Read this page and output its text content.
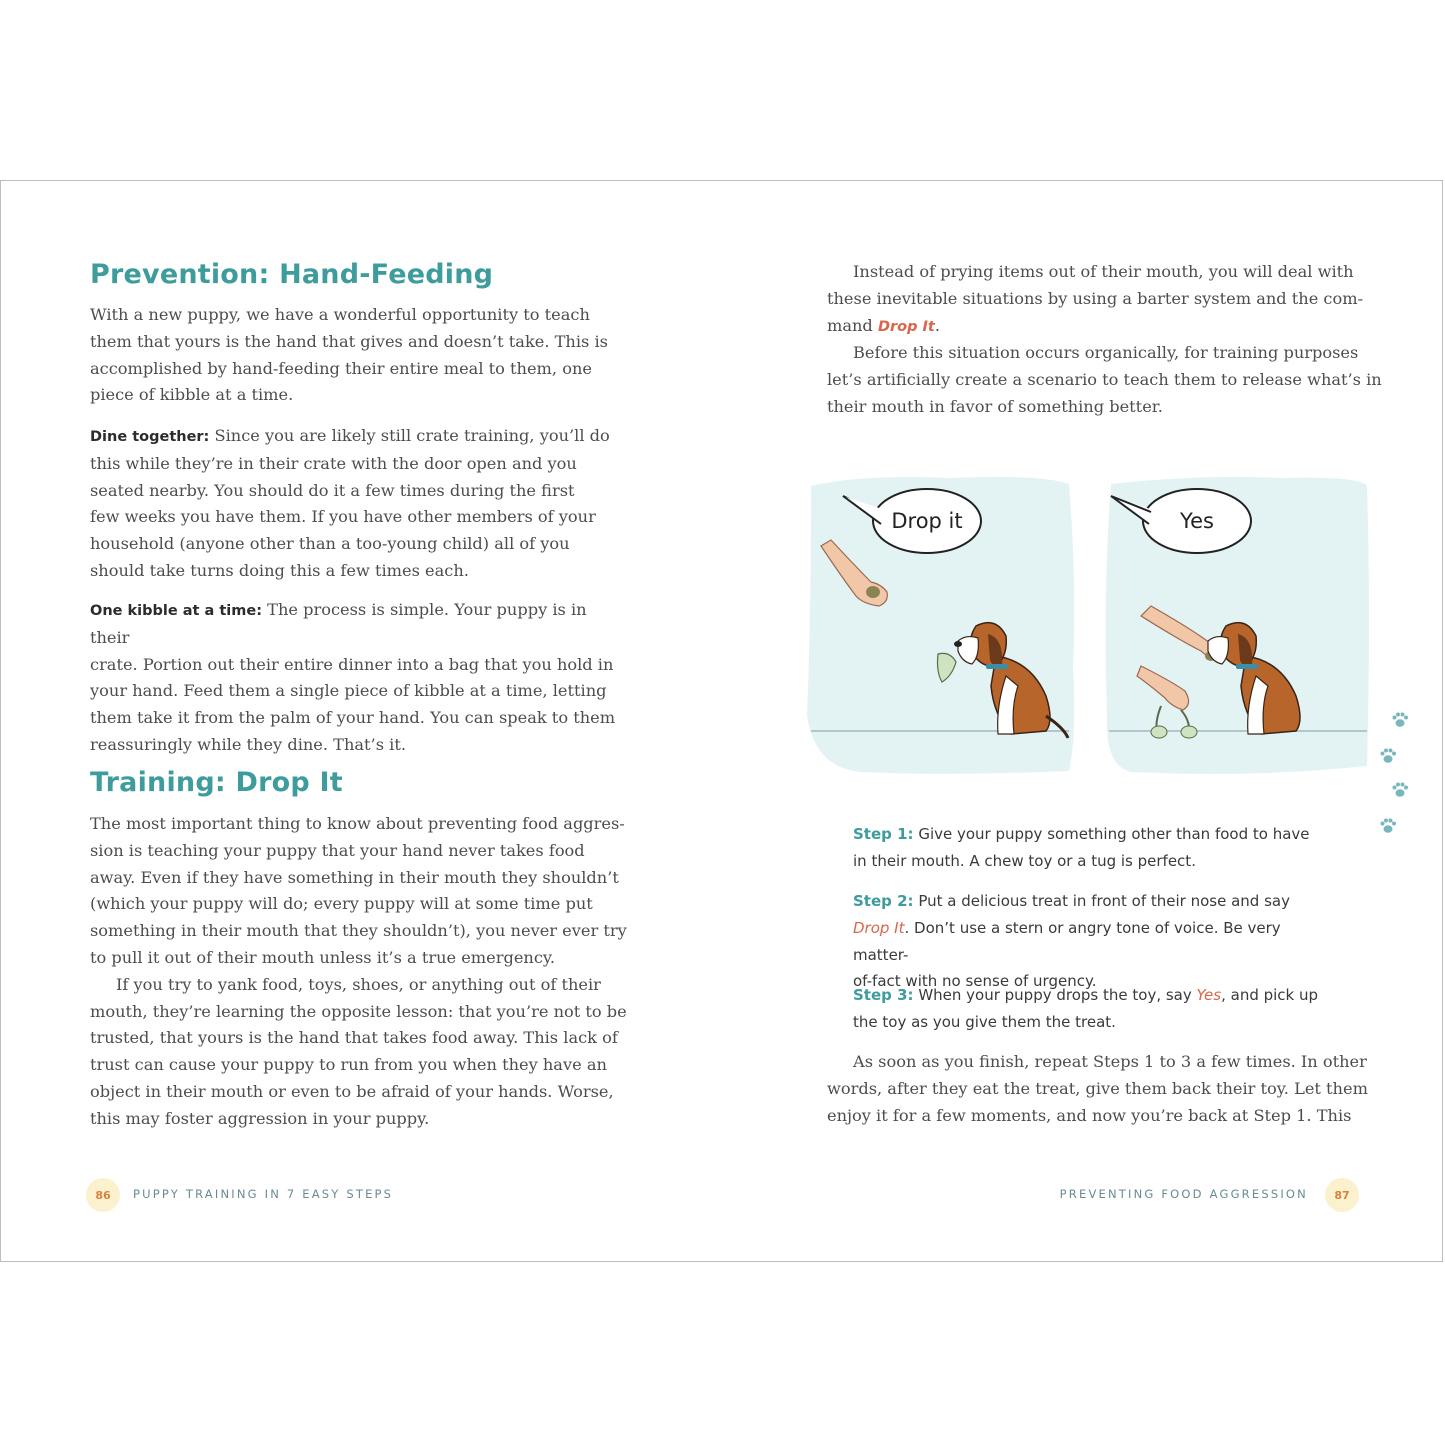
Prevention: Hand-Feeding

With a new puppy, we have a wonderful opportunity to teach

them that yours is the hand that gives and doesn’t take. This is

accomplished by hand-feeding their entire meal to them, one

piece of kibble at a time.

Dine together: Since you are likely still crate training, you’ll do

this while they’re in their crate with the door open and you

seated nearby. You should do it a few times during the first

few weeks you have them. If you have other members of your

household (anyone other than a too-young child) all of you

should take turns doing this a few times each.

One kibble at a time: The process is simple. Your puppy is in their

crate. Portion out their entire dinner into a bag that you hold in

your hand. Feed them a single piece of kibble at a time, letting

them take it from the palm of your hand. You can speak to them

reassuringly while they dine. That’s it.

Training: Drop It

The most important thing to know about preventing food aggres-

sion is teaching your puppy that your hand never takes food

away. Even if they have something in their mouth they shouldn’t

(which your puppy will do; every puppy will at some time put

something in their mouth that they shouldn’t), you never ever try

to pull it out of their mouth unless it’s a true emergency.

If you try to yank food, toys, shoes, or anything out of their

mouth, they’re learning the opposite lesson: that you’re not to be

trusted, that yours is the hand that takes food away. This lack of

trust can cause your puppy to run from you when they have an

object in their mouth or even to be afraid of your hands. Worse,

this may foster aggression in your puppy.

86	PUPPY TRAINING IN 7 EASY STEPS

Instead of prying items out of their mouth, you will deal with

these inevitable situations by using a barter system and the com-

mand Drop It.

Before this situation occurs organically, for training purposes

let’s artificially create a scenario to teach them to release what’s in

their mouth in favor of something better.

Drop it	Yes
Step 1: Give your puppy something other than food to have
in their mouth. A chew toy or a tug is perfect.
Step 2: Put a delicious treat in front of their nose and say
Drop It. Don’t use a stern or angry tone of voice. Be very matter-
of-fact with no sense of urgency.
Step 3: When your puppy drops the toy, say Yes, and pick up
the toy as you give them the treat.

As soon as you finish, repeat Steps 1 to 3 a few times. In other

words, after they eat the treat, give them back their toy. Let them

enjoy it for a few moments, and now you’re back at Step 1. This

PREVENTING FOOD AGGRESSION	87
